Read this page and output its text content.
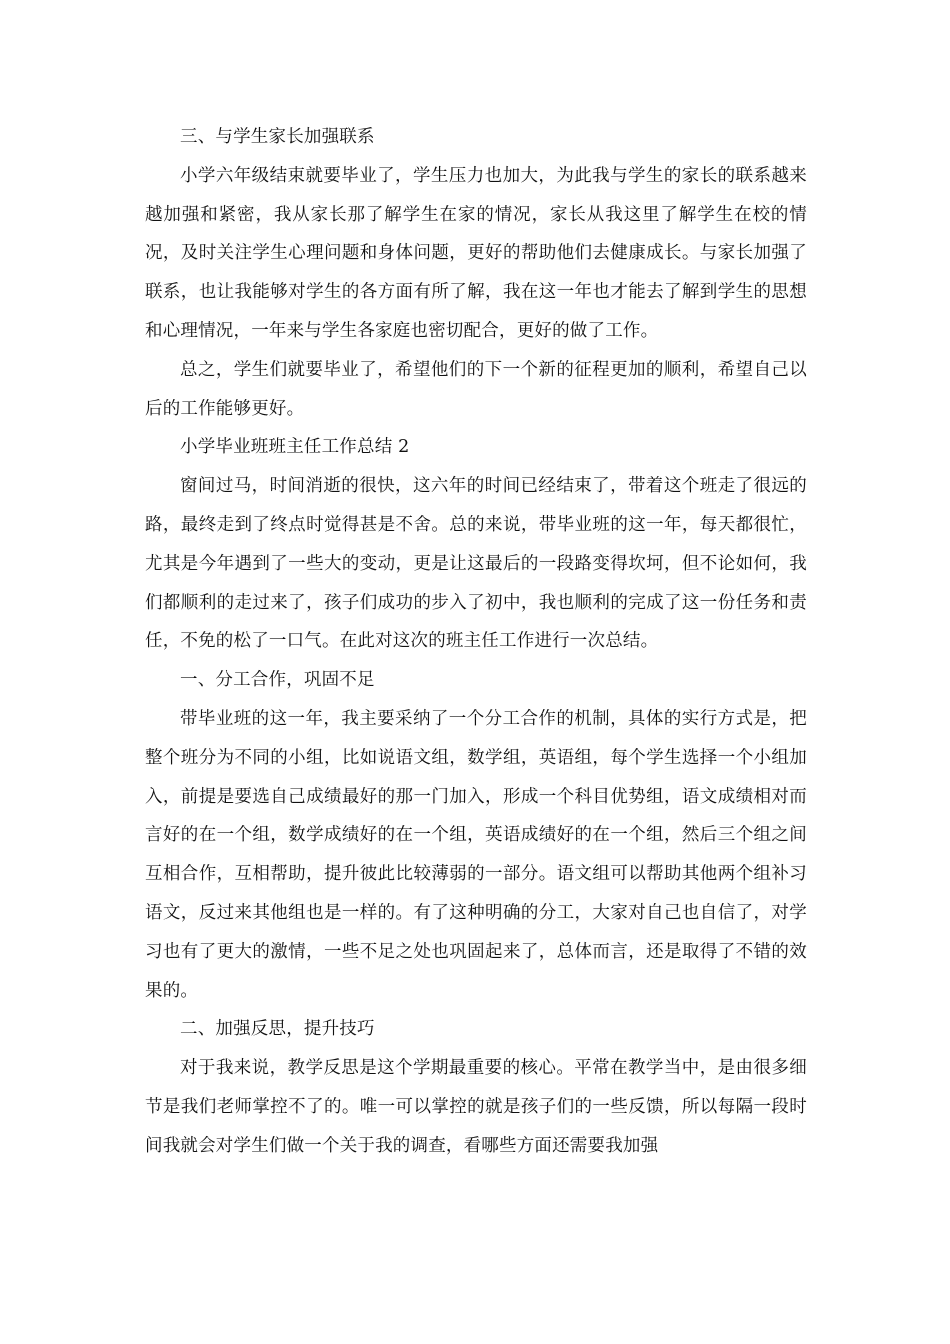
三、与学生家长加强联系

小学六年级结束就要毕业了，学生压力也加大，为此我与学生的家长的联系越来越加强和紧密，我从家长那了解学生在家的情况，家长从我这里了解学生在校的情况，及时关注学生心理问题和身体问题，更好的帮助他们去健康成长。与家长加强了联系，也让我能够对学生的各方面有所了解，我在这一年也才能去了解到学生的思想和心理情况，一年来与学生各家庭也密切配合，更好的做了工作。

总之，学生们就要毕业了，希望他们的下一个新的征程更加的顺利，希望自己以后的工作能够更好。

小学毕业班班主任工作总结 2

窗间过马，时间消逝的很快，这六年的时间已经结束了，带着这个班走了很远的路，最终走到了终点时觉得甚是不舍。总的来说，带毕业班的这一年，每天都很忙，尤其是今年遇到了一些大的变动，更是让这最后的一段路变得坎坷，但不论如何，我们都顺利的走过来了，孩子们成功的步入了初中，我也顺利的完成了这一份任务和责任，不免的松了一口气。在此对这次的班主任工作进行一次总结。

一、分工合作，巩固不足

带毕业班的这一年，我主要采纳了一个分工合作的机制，具体的实行方式是，把整个班分为不同的小组，比如说语文组，数学组，英语组，每个学生选择一个小组加入，前提是要选自己成绩最好的那一门加入，形成一个科目优势组，语文成绩相对而言好的在一个组，数学成绩好的在一个组，英语成绩好的在一个组，然后三个组之间互相合作，互相帮助，提升彼此比较薄弱的一部分。语文组可以帮助其他两个组补习语文，反过来其他组也是一样的。有了这种明确的分工，大家对自己也自信了，对学习也有了更大的激情，一些不足之处也巩固起来了，总体而言，还是取得了不错的效果的。

二、加强反思，提升技巧

对于我来说，教学反思是这个学期最重要的核心。平常在教学当中，是由很多细节是我们老师掌控不了的。唯一可以掌控的就是孩子们的一些反馈，所以每隔一段时间我就会对学生们做一个关于我的调查，看哪些方面还需要我加强
